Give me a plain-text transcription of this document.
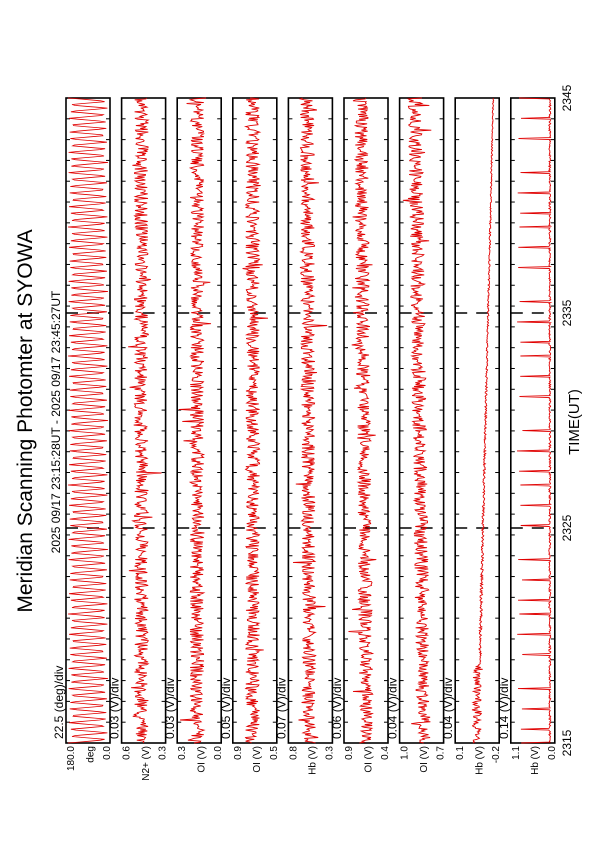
Meridian Scanning Photomter at SYOWA 2025 09/17 23:15:28UT - 2025 09/17 23:45:27UT	TIME(UT)
180.0	0.0
deg
22.5 (deg)/div
0.6	0.3
N2+ (V)
0.03 (V)/div
0.3	0.0
OI (V)
0.03 (V)/div
0.9 0.5
OI (V)
0.05 (V)/div
0.8	0.3
Hb (V)
0.07 (V)/div
0.9	0.4
OI (V)
0.06 (V)/div
1.0	0.7
OI (V)
0.04 (V)/div
0.1	-0.2
Hb (V)
0.04 (V)/div
1.1	0.0
Hb (V)
0.14 (V)/div
2315
2325
2335
2345
